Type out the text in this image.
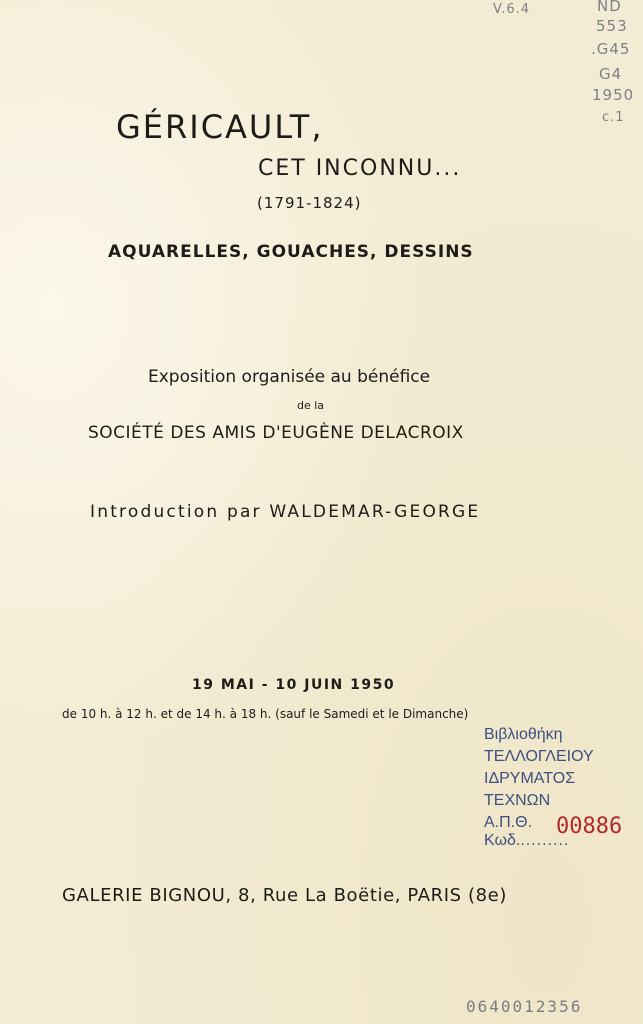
V.6.4	ND
553
.G45
G4
1950
c.1
GÉRICAULT,
CET INCONNU...
(1791-1824)
AQUARELLES, GOUACHES, DESSINS
Exposition organisée au bénéfice
de la
SOCIÉTÉ DES AMIS D'EUGÈNE DELACROIX
Introduction par WALDEMAR-GEORGE
19 MAI - 10 JUIN 1950
de 10 h. à 12 h. et de 14 h. à 18 h. (sauf le Samedi et le Dimanche)
Βιβλιοθήκη
ΤΕΛΛΟΓΛΕΙΟΥ
ΙΔΡΥΜΑΤΟΣ
ΤΕΧΝΩΝ
Α.Π.Θ.
Κωδ..........
00886
GALERIE BIGNOU, 8, Rue La Boëtie, PARIS (8e)
0640012356
